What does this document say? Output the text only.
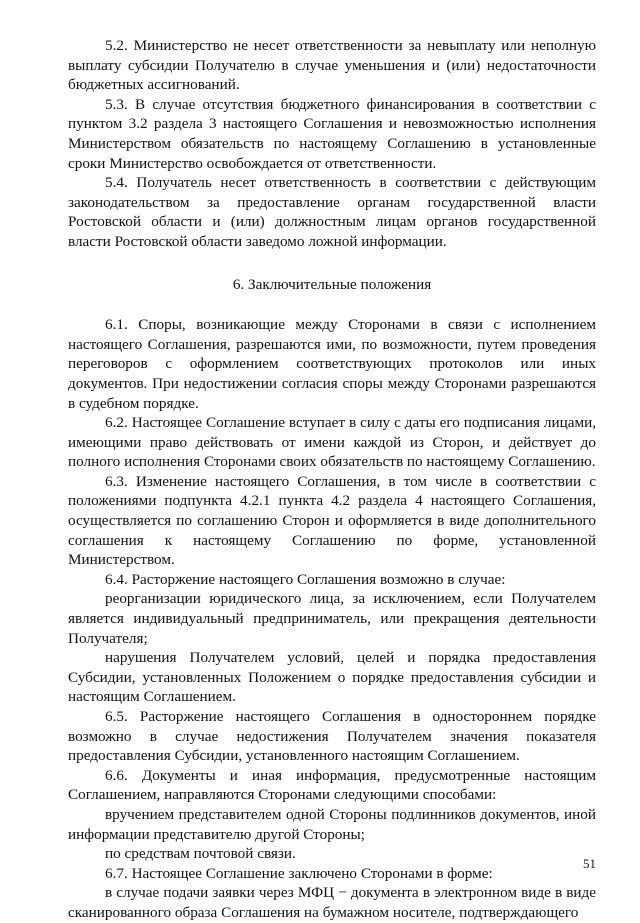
5.2. Министерство не несет ответственности за невыплату или неполную выплату субсидии Получателю в случае уменьшения и (или) недостаточности бюджетных ассигнований.

5.3. В случае отсутствия бюджетного финансирования в соответствии с пунктом 3.2 раздела 3 настоящего Соглашения и невозможностью исполнения Министерством обязательств по настоящему Соглашению в установленные сроки Министерство освобождается от ответственности.

5.4. Получатель несет ответственность в соответствии с действующим законодательством за предоставление органам государственной власти Ростовской области и (или) должностным лицам органов государственной власти Ростовской области заведомо ложной информации.

6. Заключительные положения

6.1. Споры, возникающие между Сторонами в связи с исполнением настоящего Соглашения, разрешаются ими, по возможности, путем проведения переговоров с оформлением соответствующих протоколов или иных документов. При недостижении согласия споры между Сторонами разрешаются в судебном порядке.

6.2. Настоящее Соглашение вступает в силу с даты его подписания лицами, имеющими право действовать от имени каждой из Сторон, и действует до полного исполнения Сторонами своих обязательств по настоящему Соглашению.

6.3. Изменение настоящего Соглашения, в том числе в соответствии с положениями подпункта 4.2.1 пункта 4.2 раздела 4 настоящего Соглашения, осуществляется по соглашению Сторон и оформляется в виде дополнительного соглашения к настоящему Соглашению по форме, установленной Министерством.

6.4. Расторжение настоящего Соглашения возможно в случае:

реорганизации юридического лица, за исключением, если Получателем является индивидуальный предприниматель, или прекращения деятельности Получателя;

нарушения Получателем условий, целей и порядка предоставления Субсидии, установленных Положением о порядке предоставления субсидии и настоящим Соглашением.

6.5. Расторжение настоящего Соглашения в одностороннем порядке возможно в случае недостижения Получателем значения показателя предоставления Субсидии, установленного настоящим Соглашением.

6.6. Документы и иная информация, предусмотренные настоящим Соглашением, направляются Сторонами следующими способами:

вручением представителем одной Стороны подлинников документов, иной информации представителю другой Стороны;

по средствам почтовой связи.

6.7. Настоящее Соглашение заключено Сторонами в форме:

в случае подачи заявки через МФЦ − документа в электронном виде в виде сканированного образа Соглашения на бумажном носителе, подтверждающего

51
